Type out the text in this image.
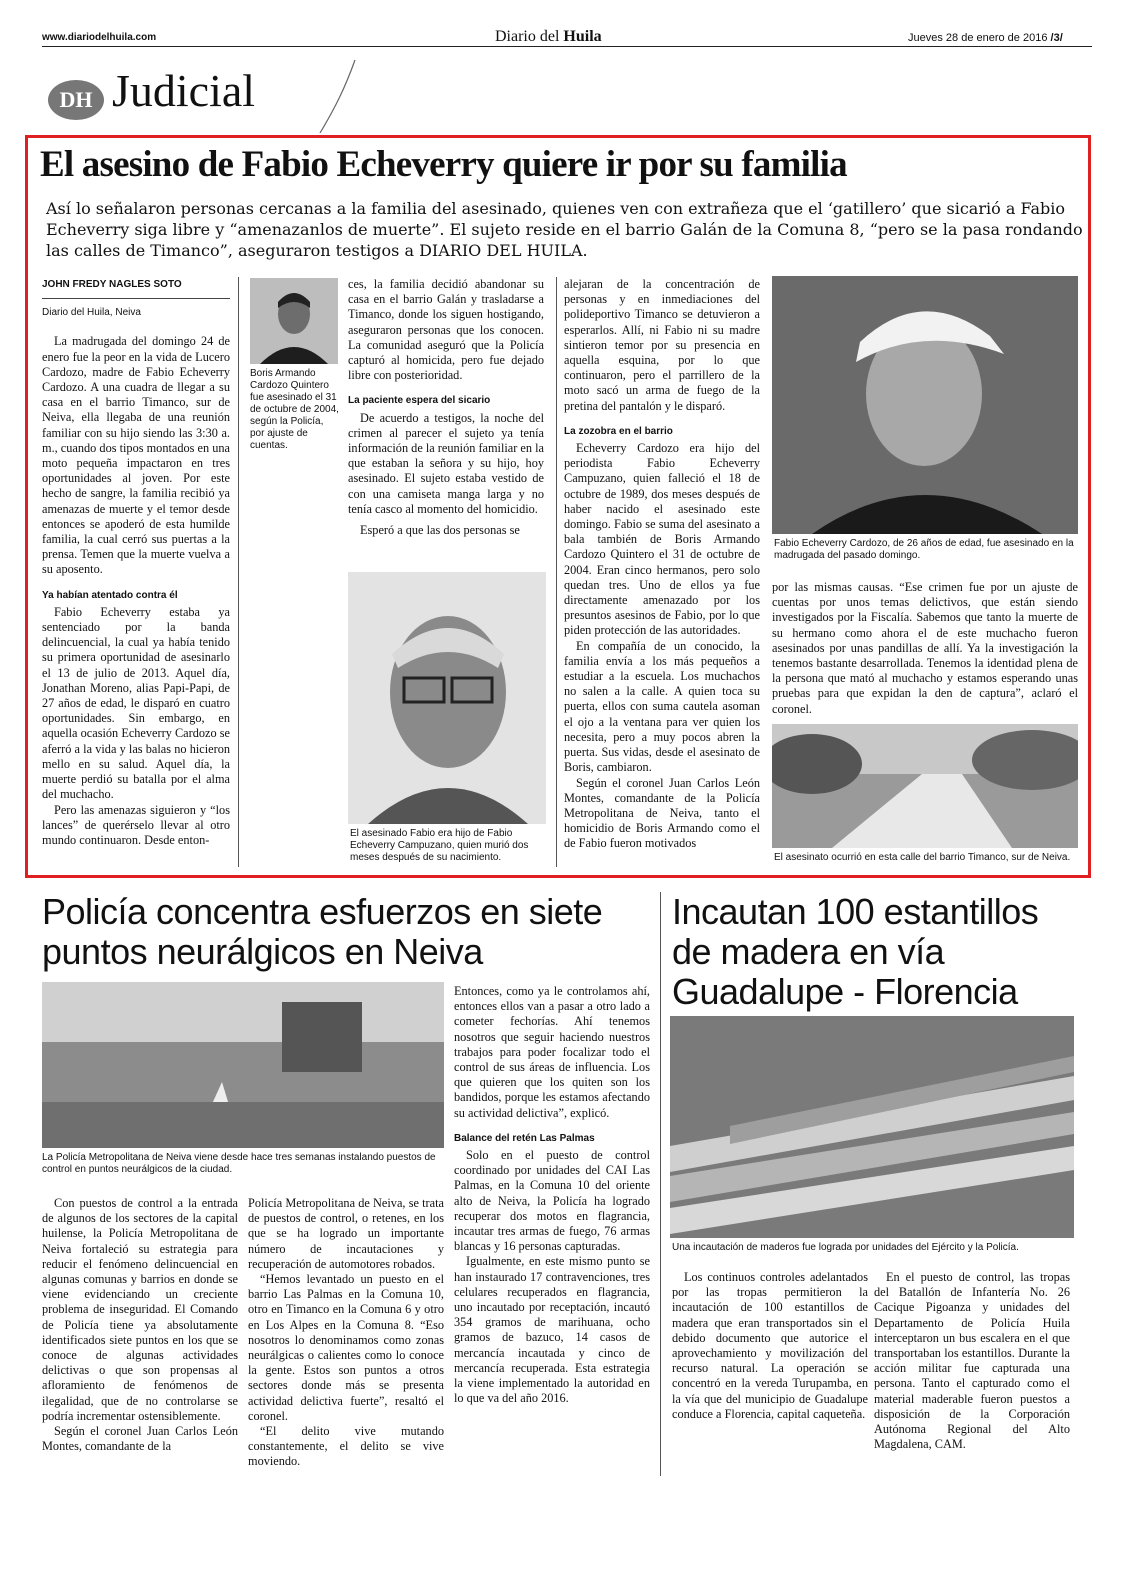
www.diariodelhuila.com	Diario del Huila	Jueves 28 de enero de 2016 /3/
DH Judicial
El asesino de Fabio Echeverry quiere ir por su familia
Así lo señalaron personas cercanas a la familia del asesinado, quienes ven con extrañeza que el ‘gatillero’ que sicarió a Fabio Echeverry siga libre y “amenazanlos de muerte”. El sujeto reside en el barrio Galán de la Comuna 8, “pero se la pasa rondando las calles de Timanco”, aseguraron testigos a DIARIO DEL HUILA.

JOHN FREDY NAGLES SOTO

Diario del Huila, Neiva

La madrugada del domingo 24 de enero fue la peor en la vida de Lucero Cardozo, madre de Fabio Echeverry Cardozo. A una cuadra de llegar a su casa en el barrio Timanco, sur de Neiva, ella llegaba de una reunión familiar con su hijo siendo las 3:30 a. m., cuando dos tipos montados en una moto pequeña impactaron en tres oportunidades al joven. Por este hecho de sangre, la familia recibió ya amenazas de muerte y el temor desde entonces se apoderó de esta humilde familia, la cual cerró sus puertas a la prensa. Temen que la muerte vuelva a su aposento.

Ya habían atentado contra él

Fabio Echeverry estaba ya sentenciado por la banda delincuencial, la cual ya había tenido su primera oportunidad de asesinarlo el 13 de julio de 2013. Aquel día, Jonathan Moreno, alias Papi-Papi, de 27 años de edad, le disparó en cuatro oportunidades. Sin embargo, en aquella ocasión Echeverry Cardozo se aferró a la vida y las balas no hicieron mello en su salud. Aquel día, la muerte perdió su batalla por el alma del muchacho.

Pero las amenazas siguieron y “los lances” de querérselo llevar al otro mundo continuaron. Desde enton-

Boris Armando Cardozo Quintero fue asesinado el 31 de octubre de 2004, según la Policía, por ajuste de cuentas.

ces, la familia decidió abandonar su casa en el barrio Galán y trasladarse a Timanco, donde los siguen hostigando, aseguraron personas que los conocen. La comunidad aseguró que la Policía capturó al homicida, pero fue dejado libre con posterioridad.

La paciente espera del sicario

De acuerdo a testigos, la noche del crimen al parecer el sujeto ya tenía información de la reunión familiar en la que estaban la señora y su hijo, hoy asesinado. El sujeto estaba vestido de con una camiseta manga larga y no tenía casco al momento del homicidio.

Esperó a que las dos personas se

El asesinado Fabio era hijo de Fabio Echeverry Campuzano, quien murió dos meses después de su nacimiento.

alejaran de la concentración de personas y en inmediaciones del polideportivo Timanco se detuvieron a esperarlos. Allí, ni Fabio ni su madre sintieron temor por su presencia en aquella esquina, por lo que continuaron, pero el parrillero de la moto sacó un arma de fuego de la pretina del pantalón y le disparó.

La zozobra en el barrio

Echeverry Cardozo era hijo del periodista Fabio Echeverry Campuzano, quien falleció el 18 de octubre de 1989, dos meses después de haber nacido el asesinado este domingo. Fabio se suma del asesinato a bala también de Boris Armando Cardozo Quintero el 31 de octubre de 2004. Eran cinco hermanos, pero solo quedan tres. Uno de ellos ya fue directamente amenazado por los presuntos asesinos de Fabio, por lo que piden protección de las autoridades.

En compañía de un conocido, la familia envía a los más pequeños a estudiar a la escuela. Los muchachos no salen a la calle. A quien toca su puerta, ellos con suma cautela asoman el ojo a la ventana para ver quien los necesita, pero a muy pocos abren la puerta. Sus vidas, desde el asesinato de Boris, cambiaron.

Según el coronel Juan Carlos León Montes, comandante de la Policía Metropolitana de Neiva, tanto el homicidio de Boris Armando como el de Fabio fueron motivados

Fabio Echeverry Cardozo, de 26 años de edad, fue asesinado en la madrugada del pasado domingo.

por las mismas causas. “Ese crimen fue por un ajuste de cuentas por unos temas delictivos, que están siendo investigados por la Fiscalía. Sabemos que tanto la muerte de su hermano como ahora el de este muchacho fueron asesinados por unas pandillas de allí. Ya la investigación la tenemos bastante desarrollada. Tenemos la identidad plena de la persona que mató al muchacho y estamos esperando unas pruebas para que expidan la den de captura”, aclaró el coronel.

El asesinato ocurrió en esta calle del barrio Timanco, sur de Neiva.
Policía concentra esfuerzos en siete puntos neurálgicos en Neiva
La Policía Metropolitana de Neiva viene desde hace tres semanas instalando puestos de control en puntos neurálgicos de la ciudad.

Entonces, como ya le controlamos ahí, entonces ellos van a pasar a otro lado a cometer fechorías. Ahí tenemos nosotros que seguir haciendo nuestros trabajos para poder focalizar todo el control de sus áreas de influencia. Los que quieren que los quiten son los bandidos, porque les estamos afectando su actividad delictiva”, explicó.

Balance del retén Las Palmas

Solo en el puesto de control coordinado por unidades del CAI Las Palmas, en la Comuna 10 del oriente alto de Neiva, la Policía ha logrado recuperar dos motos en flagrancia, incautar tres armas de fuego, 76 armas blancas y 16 personas capturadas.

Igualmente, en este mismo punto se han instaurado 17 contravenciones, tres celulares recuperados en flagrancia, uno incautado por receptación, incautó 354 gramos de marihuana, ocho gramos de bazuco, 14 casos de mercancía incautada y cinco de mercancía recuperada. Esta estrategia la viene implementado la autoridad en lo que va del año 2016.

Con puestos de control a la entrada de algunos de los sectores de la capital huilense, la Policía Metropolitana de Neiva fortaleció su estrategia para reducir el fenómeno delincuencial en algunas comunas y barrios en donde se viene evidenciando un creciente problema de inseguridad. El Comando de Policía tiene ya absolutamente identificados siete puntos en los que se conoce de algunas actividades delictivas o que son propensas al afloramiento de fenómenos de ilegalidad, que de no controlarse se podría incrementar ostensiblemente.

Según el coronel Juan Carlos León Montes, comandante de la

Policía Metropolitana de Neiva, se trata de puestos de control, o retenes, en los que se ha logrado un importante número de incautaciones y recuperación de automotores robados.

“Hemos levantado un puesto en el barrio Las Palmas en la Comuna 10, otro en Timanco en la Comuna 6 y otro en Los Alpes en la Comuna 8. “Eso nosotros lo denominamos como zonas neurálgicas o calientes como lo conoce la gente. Estos son puntos a otros sectores donde más se presenta actividad delictiva fuerte”, resaltó el coronel.

“El delito vive mutando constantemente, el delito se vive moviendo.

Incautan 100 estantillos de madera en vía Guadalupe - Florencia
Una incautación de maderos fue lograda por unidades del Ejército y la Policía.

Los continuos controles adelantados por las tropas permitieron la incautación de 100 estantillos de madera que eran transportados sin el debido documento que autorice el aprovechamiento y movilización del recurso natural. La operación se concentró en la vereda Turupamba, en la vía que del municipio de Guadalupe conduce a Florencia, capital caqueteña.

En el puesto de control, las tropas del Batallón de Infantería No. 26 Cacique Pigoanza y unidades del Departamento de Policía Huila interceptaron un bus escalera en el que transportaban los estantillos. Durante la acción militar fue capturada una persona. Tanto el capturado como el material maderable fueron puestos a disposición de la Corporación Autónoma Regional del Alto Magdalena, CAM.
